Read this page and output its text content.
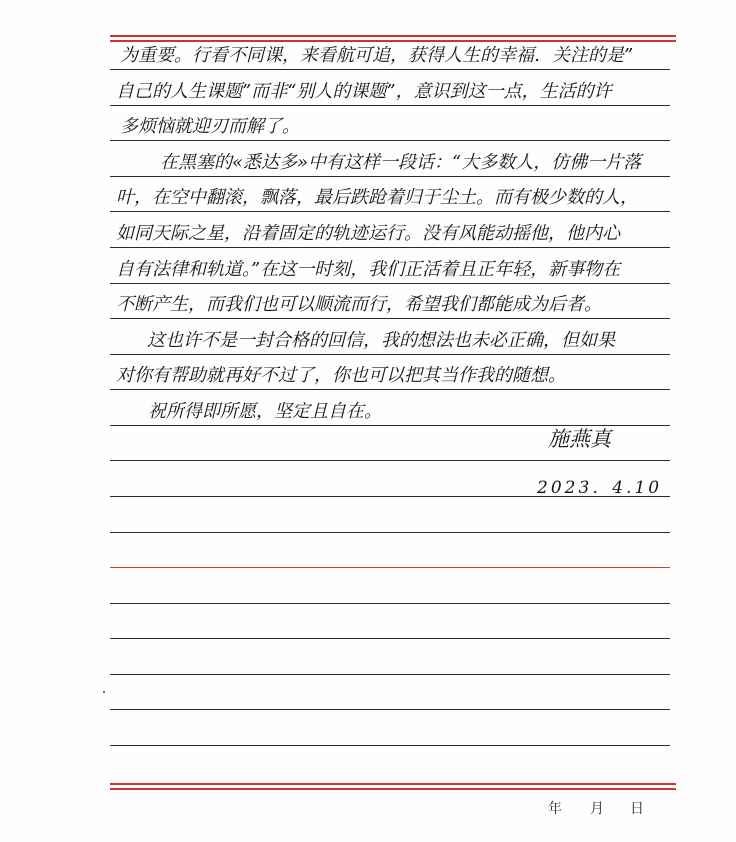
为重要。行看不同课，来看航可追，获得人生的幸福．关注的是”
自己的人生课题”而非“别人的课题”，意识到这一点，生活的许
多烦恼就迎刃而解了。
在黑塞的«悉达多»中有这样一段话：“大多数人，仿佛一片落
叶，在空中翻滚，飘落，最后跌跄着归于尘土。而有极少数的人，
如同天际之星，沿着固定的轨迹运行。没有风能动摇他，他内心
自有法律和轨道。”在这一时刻，我们正活着且正年轻，新事物在
不断产生，而我们也可以顺流而行，希望我们都能成为后者。
这也许不是一封合格的回信，我的想法也未必正确，但如果
对你有帮助就再好不过了，你也可以把其当作我的随想。
祝所得即所愿，坚定且自在。
施燕真
2023．4.10
年 月 日
